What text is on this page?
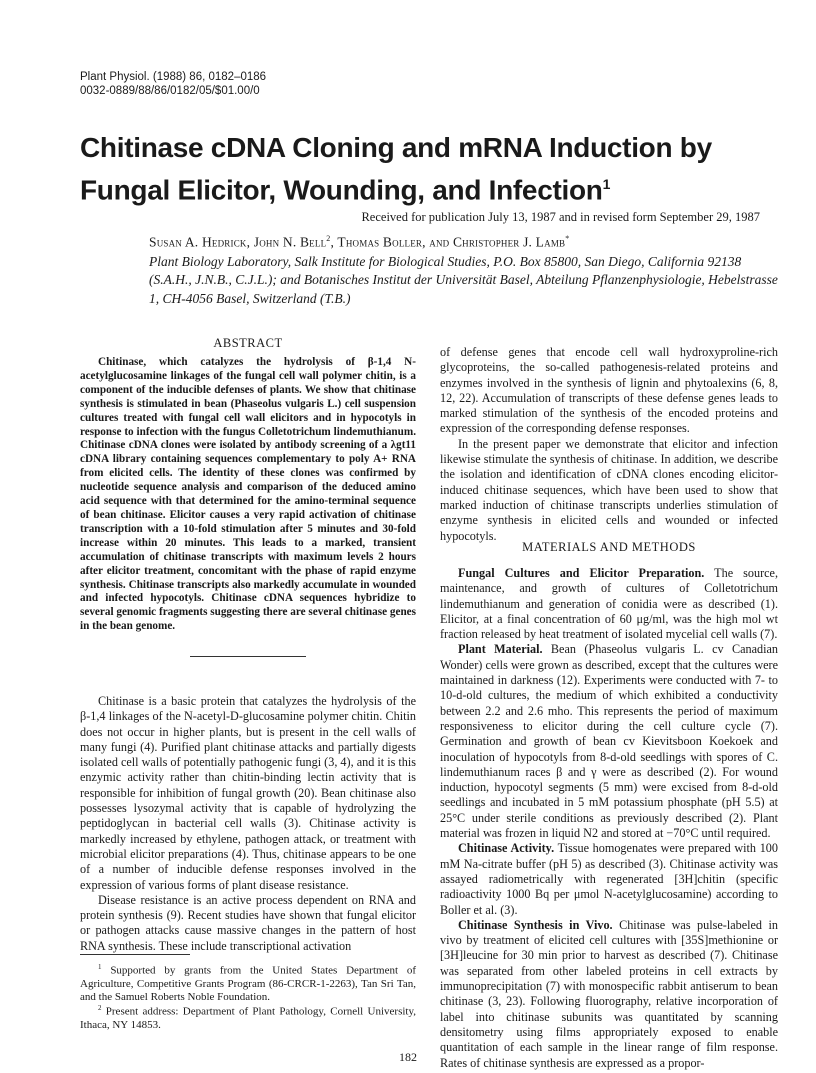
Plant Physiol. (1988) 86, 0182–0186
0032-0889/88/86/0182/05/$01.00/0
Chitinase cDNA Cloning and mRNA Induction by Fungal Elicitor, Wounding, and Infection$^1$
Received for publication July 13, 1987 and in revised form September 29, 1987
Susan A. Hedrick, John N. Bell$^2$, Thomas Boller, and Christopher J. Lamb*
Plant Biology Laboratory, Salk Institute for Biological Studies, P.O. Box 85800, San Diego, California 92138 (S.A.H., J.N.B., C.J.L.); and Botanisches Institut der Universität Basel, Abteilung Pflanzenphysiologie, Hebelstrasse 1, CH-4056 Basel, Switzerland (T.B.)
ABSTRACT

Chitinase, which catalyzes the hydrolysis of β-1,4 N-acetylglucosamine linkages of the fungal cell wall polymer chitin, is a component of the inducible defenses of plants. We show that chitinase synthesis is stimulated in bean (Phaseolus vulgaris L.) cell suspension cultures treated with fungal cell wall elicitors and in hypocotyls in response to infection with the fungus Colletotrichum lindemuthianum. Chitinase cDNA clones were isolated by antibody screening of a λgt11 cDNA library containing sequences complementary to poly A+ RNA from elicited cells. The identity of these clones was confirmed by nucleotide sequence analysis and comparison of the deduced amino acid sequence with that determined for the amino-terminal sequence of bean chitinase. Elicitor causes a very rapid activation of chitinase transcription with a 10-fold stimulation after 5 minutes and 30-fold increase within 20 minutes. This leads to a marked, transient accumulation of chitinase transcripts with maximum levels 2 hours after elicitor treatment, concomitant with the phase of rapid enzyme synthesis. Chitinase transcripts also markedly accumulate in wounded and infected hypocotyls. Chitinase cDNA sequences hybridize to several genomic fragments suggesting there are several chitinase genes in the bean genome.

Chitinase is a basic protein that catalyzes the hydrolysis of the β-1,4 linkages of the N-acetyl-D-glucosamine polymer chitin. Chitin does not occur in higher plants, but is present in the cell walls of many fungi (4). Purified plant chitinase attacks and partially digests isolated cell walls of potentially pathogenic fungi (3, 4), and it is this enzymic activity rather than chitin-binding lectin activity that is responsible for inhibition of fungal growth (20). Bean chitinase also possesses lysozymal activity that is capable of hydrolyzing the peptidoglycan in bacterial cell walls (3). Chitinase activity is markedly increased by ethylene, pathogen attack, or treatment with microbial elicitor preparations (4). Thus, chitinase appears to be one of a number of inducible defense responses involved in the expression of various forms of plant disease resistance.

Disease resistance is an active process dependent on RNA and protein synthesis (9). Recent studies have shown that fungal elicitor or pathogen attacks cause massive changes in the pattern of host RNA synthesis. These include transcriptional activation

$^1$ Supported by grants from the United States Department of Agriculture, Competitive Grants Program (86-CRCR-1-2263), Tan Sri Tan, and the Samuel Roberts Noble Foundation.

$^2$ Present address: Department of Plant Pathology, Cornell University, Ithaca, NY 14853.

of defense genes that encode cell wall hydroxyproline-rich glycoproteins, the so-called pathogenesis-related proteins and enzymes involved in the synthesis of lignin and phytoalexins (6, 8, 12, 22). Accumulation of transcripts of these defense genes leads to marked stimulation of the synthesis of the encoded proteins and expression of the corresponding defense responses.

In the present paper we demonstrate that elicitor and infection likewise stimulate the synthesis of chitinase. In addition, we describe the isolation and identification of cDNA clones encoding elicitor-induced chitinase sequences, which have been used to show that marked induction of chitinase transcripts underlies stimulation of enzyme synthesis in elicited cells and wounded or infected hypocotyls.

MATERIALS AND METHODS

Fungal Cultures and Elicitor Preparation. The source, maintenance, and growth of cultures of Colletotrichum lindemuthianum and generation of conidia were as described (1). Elicitor, at a final concentration of 60 μg/ml, was the high mol wt fraction released by heat treatment of isolated mycelial cell walls (7).

Plant Material. Bean (Phaseolus vulgaris L. cv Canadian Wonder) cells were grown as described, except that the cultures were maintained in darkness (12). Experiments were conducted with 7- to 10-d-old cultures, the medium of which exhibited a conductivity between 2.2 and 2.6 mho. This represents the period of maximum responsiveness to elicitor during the cell culture cycle (7). Germination and growth of bean cv Kievitsboon Koekoek and inoculation of hypocotyls from 8-d-old seedlings with spores of C. lindemuthianum races β and γ were as described (2). For wound induction, hypocotyl segments (5 mm) were excised from 8-d-old seedlings and incubated in 5 mM potassium phosphate (pH 5.5) at 25°C under sterile conditions as previously described (2). Plant material was frozen in liquid N2 and stored at −70°C until required.

Chitinase Activity. Tissue homogenates were prepared with 100 mM Na-citrate buffer (pH 5) as described (3). Chitinase activity was assayed radiometrically with regenerated [3H]chitin (specific radioactivity 1000 Bq per μmol N-acetylglucosamine) according to Boller et al. (3).

Chitinase Synthesis in Vivo. Chitinase was pulse-labeled in vivo by treatment of elicited cell cultures with [35S]methionine or [3H]leucine for 30 min prior to harvest as described (7). Chitinase was separated from other labeled proteins in cell extracts by immunoprecipitation (7) with monospecific rabbit antiserum to bean chitinase (3, 23). Following fluorography, relative incorporation of label into chitinase subunits was quantitated by scanning densitometry using films appropriately exposed to enable quantitation of each sample in the linear range of film response. Rates of chitinase synthesis are expressed as a propor-

182
